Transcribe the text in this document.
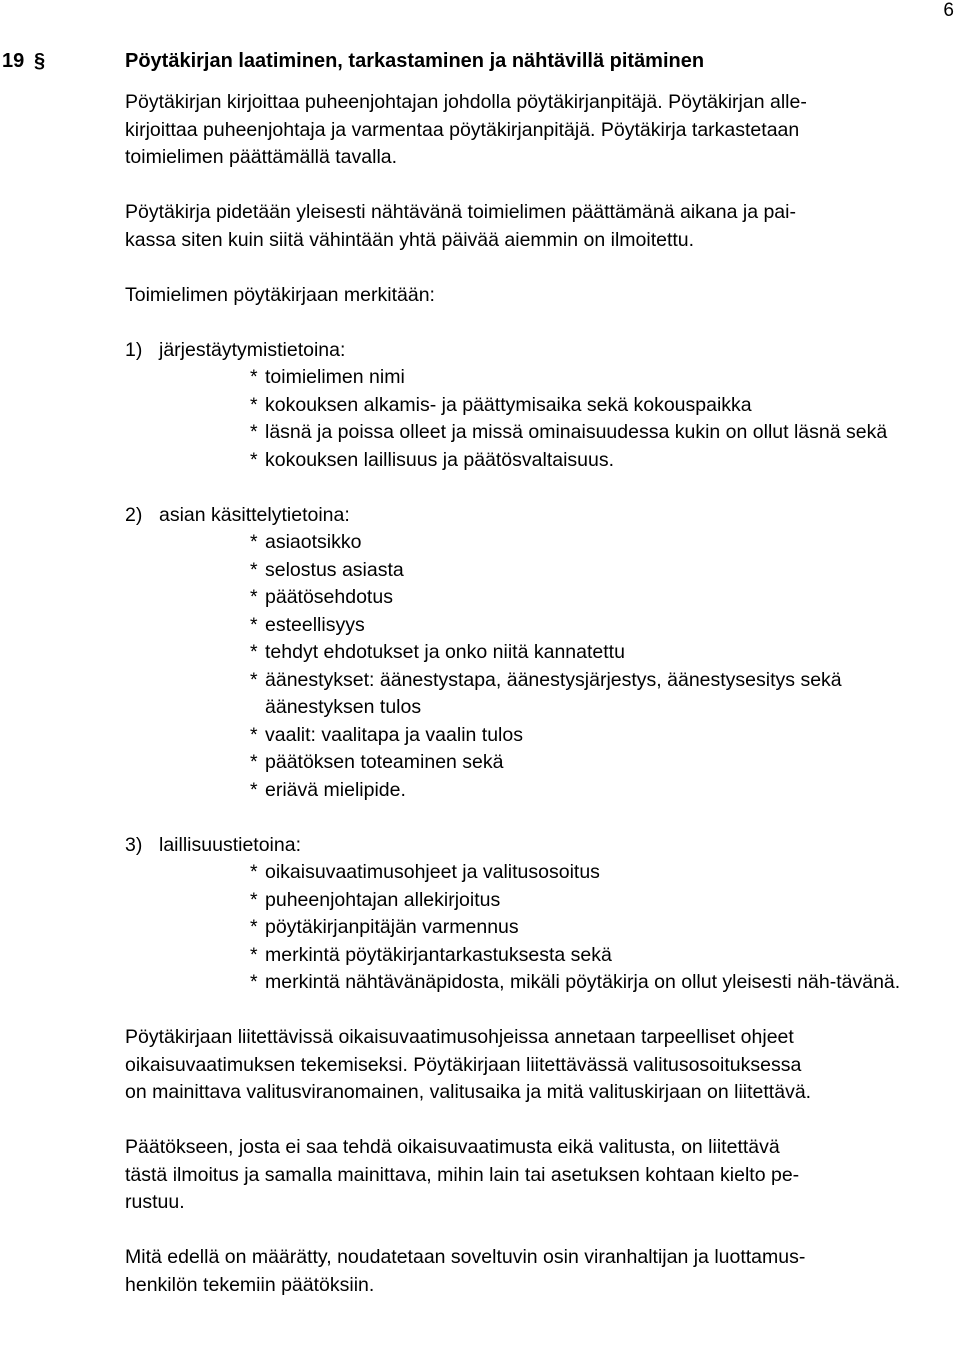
6
19 §	Pöytäkirjan laatiminen, tarkastaminen ja nähtävillä pitäminen

Pöytäkirjan kirjoittaa puheenjohtajan johdolla pöytäkirjanpitäjä. Pöytäkirjan alle-
kirjoittaa puheenjohtaja ja varmentaa pöytäkirjanpitäjä. Pöytäkirja tarkastetaan
toimielimen päättämällä tavalla.

Pöytäkirja pidetään yleisesti nähtävänä toimielimen päättämänä aikana ja pai-
kassa siten kuin siitä vähintään yhtä päivää aiemmin on ilmoitettu.

Toimielimen pöytäkirjaan merkitään:

1) järjestäytymistietoina:
* toimielimen nimi
* kokouksen alkamis- ja päättymisaika sekä kokouspaikka
* läsnä ja poissa olleet ja missä ominaisuudessa kukin on ollut läsnä sekä
* kokouksen laillisuus ja päätösvaltaisuus.
2) asian käsittelytietoina:
* asiaotsikko
* selostus asiasta
* päätösehdotus
* esteellisyys
* tehdyt ehdotukset ja onko niitä kannatettu
* äänestykset: äänestystapa, äänestysjärjestys, äänestysesitys sekä äänestyksen tulos
* vaalit: vaalitapa ja vaalin tulos
* päätöksen toteaminen sekä
* eriävä mielipide.
3) laillisuustietoina:
* oikaisuvaatimusohjeet ja valitusosoitus
* puheenjohtajan allekirjoitus
* pöytäkirjanpitäjän varmennus
* merkintä pöytäkirjantarkastuksesta sekä
* merkintä nähtävänäpidosta, mikäli pöytäkirja on ollut yleisesti näh-tävänä.

Pöytäkirjaan liitettävissä oikaisuvaatimusohjeissa annetaan tarpeelliset ohjeet
oikaisuvaatimuksen tekemiseksi. Pöytäkirjaan liitettävässä valitusosoituksessa
on mainittava valitusviranomainen, valitusaika ja mitä valituskirjaan on liitettävä.

Päätökseen, josta ei saa tehdä oikaisuvaatimusta eikä valitusta, on liitettävä
tästä ilmoitus ja samalla mainittava, mihin lain tai asetuksen kohtaan kielto pe-
rustuu.

Mitä edellä on määrätty, noudatetaan soveltuvin osin viranhaltijan ja luottamus-
henkilön tekemiin päätöksiin.
